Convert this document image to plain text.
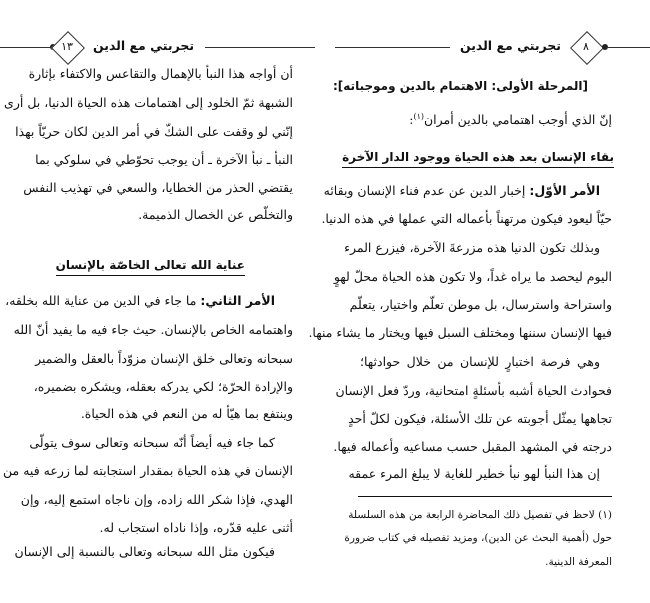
١٣	تجربتي مع الدين
أن أواجه هذا النبأ بالإهمال والتقاعس والاكتفاء بإثارة
الشبهة ثمّ الخلود إلى اهتمامات هذه الحياة الدنيا، بل أرى
إنّني لو وقفت على الشكّ في أمر الدين لكان حريّاً بهذا
النبأ ـ نبأ الآخرة ـ أن يوجب تحوّطي في سلوكي بما
يقتضي الحذر من الخطايا، والسعي في تهذيب النفس
والتخلّص عن الخصال الذميمة.
عناية الله تعالى الخاصّة بالإنسان
الأمر الثاني: ما جاء في الدين من عناية الله بخلقه،
واهتمامه الخاص بالإنسان. حيث جاء فيه ما يفيد أنّ الله
سبحانه وتعالى خلق الإنسان مزوّداً بالعقل والضمير
والإرادة الحرّة؛ لكي يدركه بعقله، ويشكره بضميره،
وينتفع بما هيّأ له من النعم في هذه الحياة.
كما جاء فيه أيضاً أنّه سبحانه وتعالى سوف يتولّى
الإنسان في هذه الحياة بمقدار استجابته لما زرعه فيه من
الهدي، فإذا شكر الله زاده، وإن ناجاه استمع إليه، وإن
أثنى عليه قدّره، وإذا ناداه استجاب له.
فيكون مثل الله سبحانه وتعالى بالنسبة إلى الإنسان
تجربتي مع الدين	٨
[المرحلة الأولى: الاهتمام بالدين وموجباته]:
إنّ الذي أوجب اهتمامي بالدين أمران$^{(١)}$:
بقاء الإنسان بعد هذه الحياة ووجود الدار الآخرة
الأمر الأوّل: إخبار الدين عن عدم فناء الإنسان وبقائه
حيّاً ليعود فيكون مرتهناً بأعماله التي عملها في هذه الدنيا.
وبذلك تكون الدنيا هذه مزرعةَ الآخرة، فيزرع المرء
اليوم ليحصد ما يراه غداً، ولا تكون هذه الحياة محلّ لهوٍ
واستراحة واسترسال، بل موطن تعلّم واختيار، يتعلّم
فيها الإنسان سننها ومختلف السبل فيها ويختار ما يشاء منها.
وهي فرصة اختبارٍ للإنسان من خلال حوادثها؛
فحوادث الحياة أشبه بأسئلةٍ امتحانية، وردّ فعل الإنسان
تجاهها يمثّل أجوبته عن تلك الأسئلة، فيكون لكلّ أحدٍ
درجته في المشهد المقبل حسب مساعيه وأعماله فيها.
إن هذا النبأ لهو نبأ خطير للغاية لا يبلغ المرء عمقه
(١) لاحظ في تفصيل ذلك المحاضرة الرابعة من هذه السلسلة
حول (أهمية البحث عن الدين)، ومزيد تفصيله في كتاب ضرورة
المعرفة الدينية.
